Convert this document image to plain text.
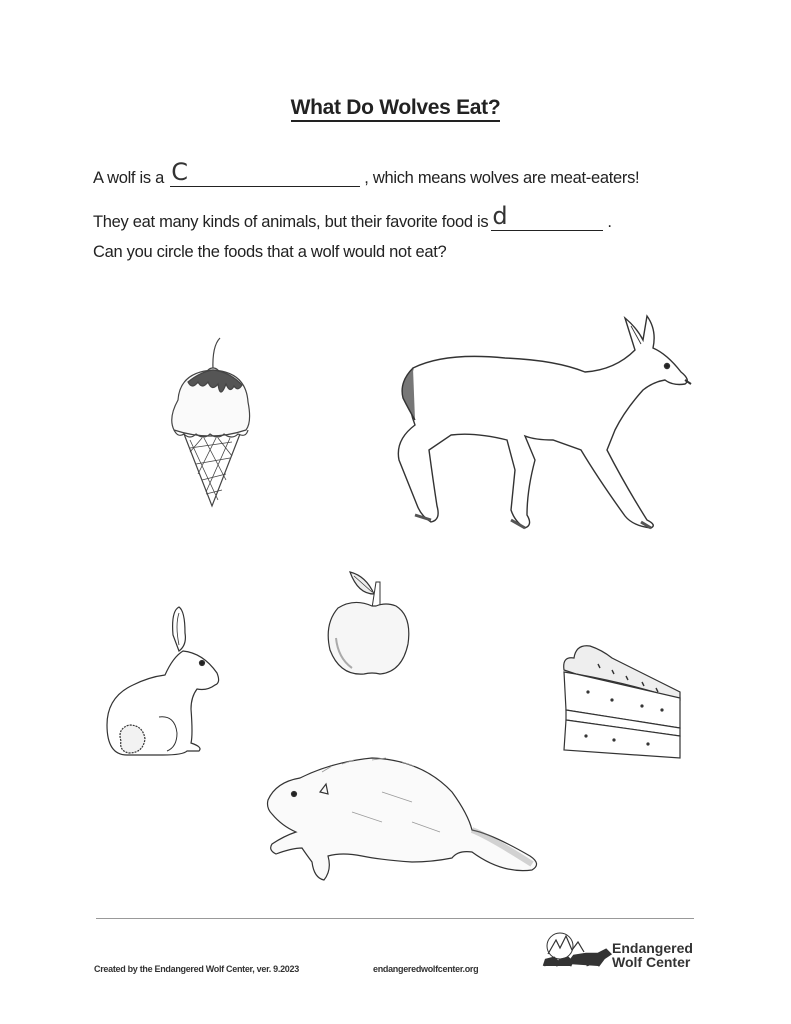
What Do Wolves Eat?
A wolf is a C	, which means wolves are meat-eaters!
They eat many kinds of animals, but their favorite food is d	.
Can you circle the foods that a wolf would not eat?
Created by the Endangered Wolf Center, ver. 9.2023	endangeredwolfcenter.org
Endangered
Wolf Center
